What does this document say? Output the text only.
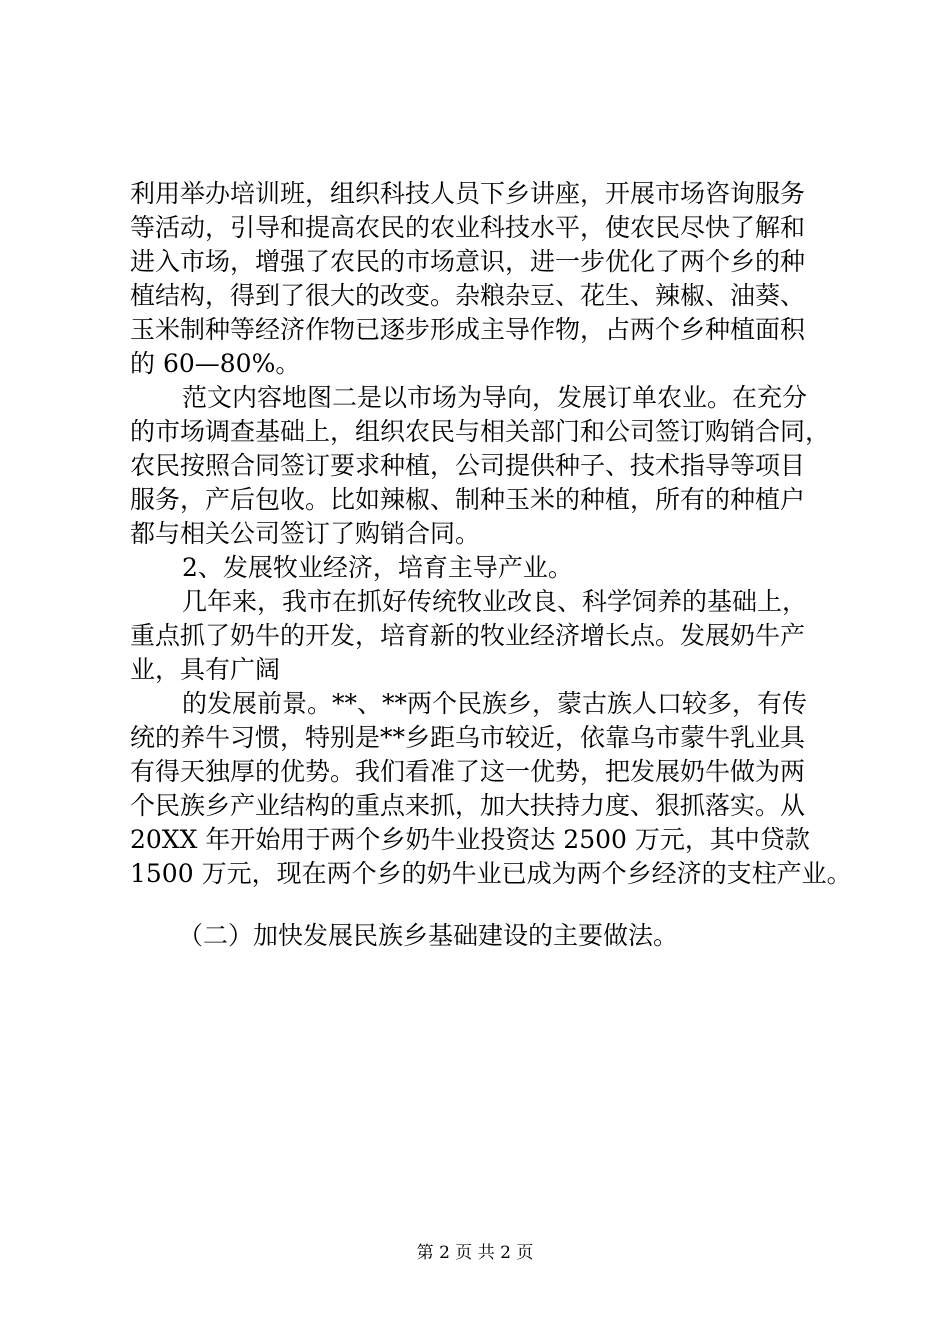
利用举办培训班，组织科技人员下乡讲座，开展市场咨询服务
等活动，引导和提高农民的农业科技水平，使农民尽快了解和
进入市场，增强了农民的市场意识，进一步优化了两个乡的种
植结构，得到了很大的改变。杂粮杂豆、花生、辣椒、油葵、
玉米制种等经济作物已逐步形成主导作物，占两个乡种植面积
的 60—80%。
范文内容地图二是以市场为导向，发展订单农业。在充分
的市场调查基础上，组织农民与相关部门和公司签订购销合同，
农民按照合同签订要求种植，公司提供种子、技术指导等项目
服务，产后包收。比如辣椒、制种玉米的种植，所有的种植户
都与相关公司签订了购销合同。
2、发展牧业经济，培育主导产业。
几年来，我市在抓好传统牧业改良、科学饲养的基础上，
重点抓了奶牛的开发，培育新的牧业经济增长点。发展奶牛产
业，具有广阔
的发展前景。**、**两个民族乡，蒙古族人口较多，有传
统的养牛习惯，特别是**乡距乌市较近，依靠乌市蒙牛乳业具
有得天独厚的优势。我们看准了这一优势，把发展奶牛做为两
个民族乡产业结构的重点来抓，加大扶持力度、狠抓落实。从
20XX 年开始用于两个乡奶牛业投资达 2500 万元，其中贷款
1500 万元，现在两个乡的奶牛业已成为两个乡经济的支柱产业。
（二）加快发展民族乡基础建设的主要做法。
第 2 页 共 2 页
